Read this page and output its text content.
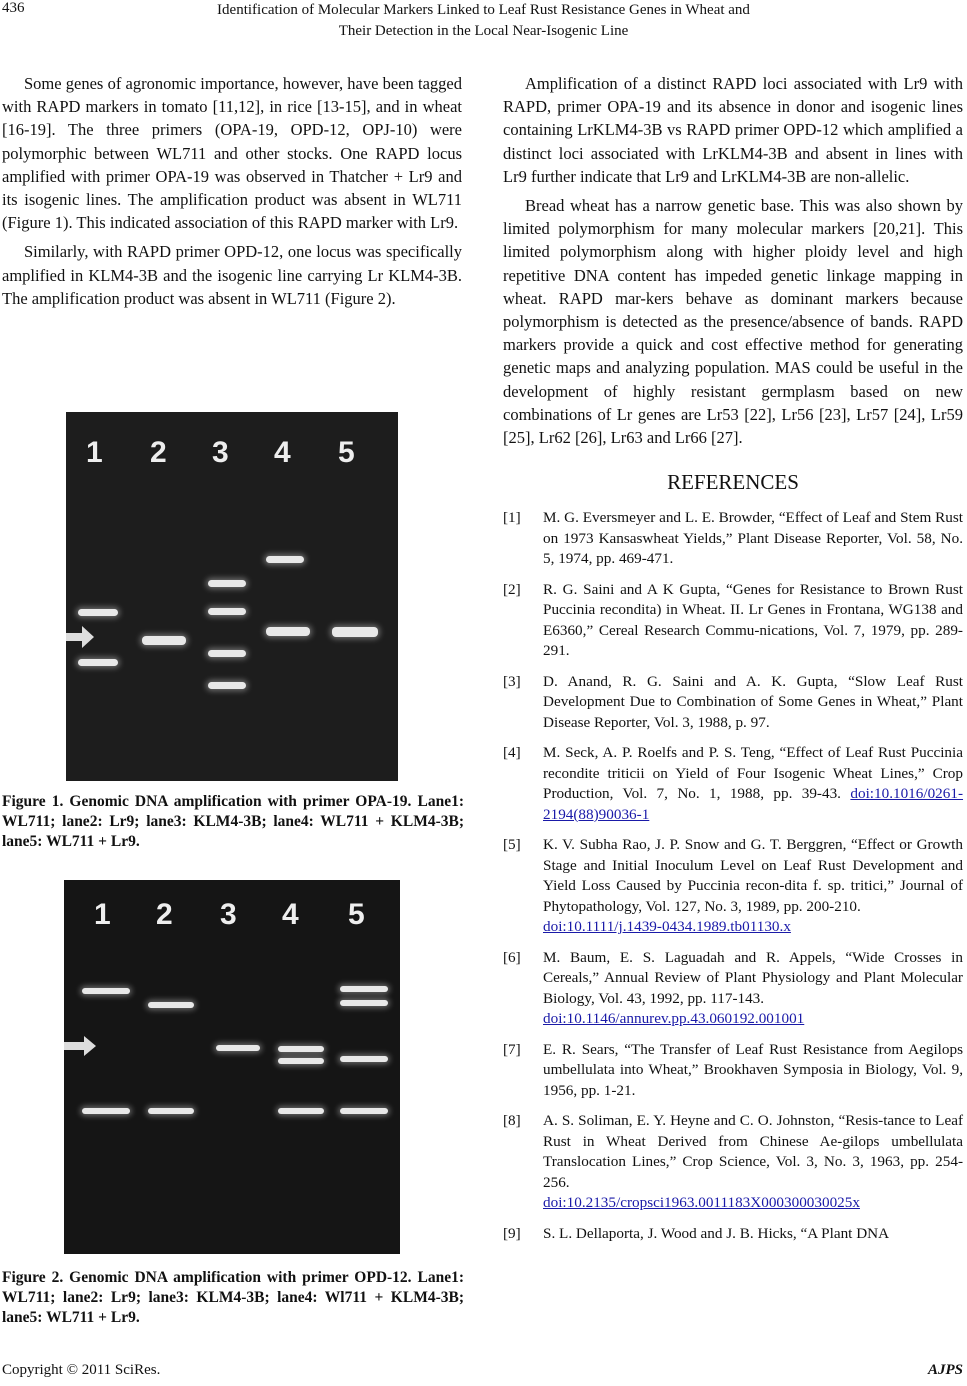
436	Identification of Molecular Markers Linked to Leaf Rust Resistance Genes in Wheat and
Their Detection in the Local Near-Isogenic Line

Some genes of agronomic importance, however, have been tagged with RAPD markers in tomato [11,12], in rice [13-15], and in wheat [16-19]. The three primers (OPA-19, OPD-12, OPJ-10) were polymorphic between WL711 and other stocks. One RAPD locus amplified with primer OPA-19 was observed in Thatcher + Lr9 and its isogenic lines. The amplification product was absent in WL711 (Figure 1). This indicated association of this RAPD marker with Lr9.

Similarly, with RAPD primer OPD-12, one locus was specifically amplified in KLM4-3B and the isogenic line carrying Lr KLM4-3B. The amplification product was absent in WL711 (Figure 2).

1 2 3 4 5
Figure 1. Genomic DNA amplification with primer OPA-19. Lane1: WL711; lane2: Lr9; lane3: KLM4-3B; lane4: WL711 + KLM4-3B; lane5: WL711 + Lr9.
1 2 3 4 5
Figure 2. Genomic DNA amplification with primer OPD-12. Lane1: WL711; lane2: Lr9; lane3: KLM4-3B; lane4: Wl711 + KLM4-3B; lane5: WL711 + Lr9.

Amplification of a distinct RAPD loci associated with Lr9 with RAPD, primer OPA-19 and its absence in donor and isogenic lines containing LrKLM4-3B vs RAPD primer OPD-12 which amplified a distinct loci associated with LrKLM4-3B and absent in lines with Lr9 further indicate that Lr9 and LrKLM4-3B are non-allelic.

Bread wheat has a narrow genetic base. This was also shown by limited polymorphism for many molecular markers [20,21]. This limited polymorphism along with higher ploidy level and high repetitive DNA content has impeded genetic linkage mapping in wheat. RAPD mar-kers behave as dominant markers because polymorphism is detected as the presence/absence of bands. RAPD markers provide a quick and cost effective method for generating genetic maps and analyzing population. MAS could be useful in the development of highly resistant germplasm based on new combinations of Lr genes are Lr53 [22], Lr56 [23], Lr57 [24], Lr59 [25], Lr62 [26], Lr63 and Lr66 [27].

REFERENCES
[1] M. G. Eversmeyer and L. E. Browder, “Effect of Leaf and Stem Rust on 1973 Kansaswheat Yields,” Plant Disease Reporter, Vol. 58, No. 5, 1974, pp. 469-471.
[2] R. G. Saini and A K Gupta, “Genes for Resistance to Brown Rust Puccinia recondita) in Wheat. II. Lr Genes in Frontana, WG138 and E6360,” Cereal Research Commu-nications, Vol. 7, 1979, pp. 289-291.
[3] D. Anand, R. G. Saini and A. K. Gupta, “Slow Leaf Rust Development Due to Combination of Some Genes in Wheat,” Plant Disease Reporter, Vol. 3, 1988, p. 97.
[4] M. Seck, A. P. Roelfs and P. S. Teng, “Effect of Leaf Rust Puccinia recondite triticii on Yield of Four Isogenic Wheat Lines,” Crop Production, Vol. 7, No. 1, 1988, pp. 39-43. doi:10.1016/0261-2194(88)90036-1
[5] K. V. Subha Rao, J. P. Snow and G. T. Berggren, “Effect or Growth Stage and Initial Inoculum Level on Leaf Rust Development and Yield Loss Caused by Puccinia recon-dita f. sp. tritici,” Journal of Phytopathology, Vol. 127, No. 3, 1989, pp. 200-210.
doi:10.1111/j.1439-0434.1989.tb01130.x
[6] M. Baum, E. S. Laguadah and R. Appels, “Wide Crosses in Cereals,” Annual Review of Plant Physiology and Plant Molecular Biology, Vol. 43, 1992, pp. 117-143.
doi:10.1146/annurev.pp.43.060192.001001
[7] E. R. Sears, “The Transfer of Leaf Rust Resistance from Aegilops umbellulata into Wheat,” Brookhaven Symposia in Biology, Vol. 9, 1956, pp. 1-21.
[8] A. S. Soliman, E. Y. Heyne and C. O. Johnston, “Resis-tance to Leaf Rust in Wheat Derived from Chinese Ae-gilops umbellulata Translocation Lines,” Crop Science, Vol. 3, No. 3, 1963, pp. 254-256.
doi:10.2135/cropsci1963.0011183X000300030025x
[9] S. L. Dellaporta, J. Wood and J. B. Hicks, “A Plant DNA
Copyright © 2011 SciRes.	AJPS
